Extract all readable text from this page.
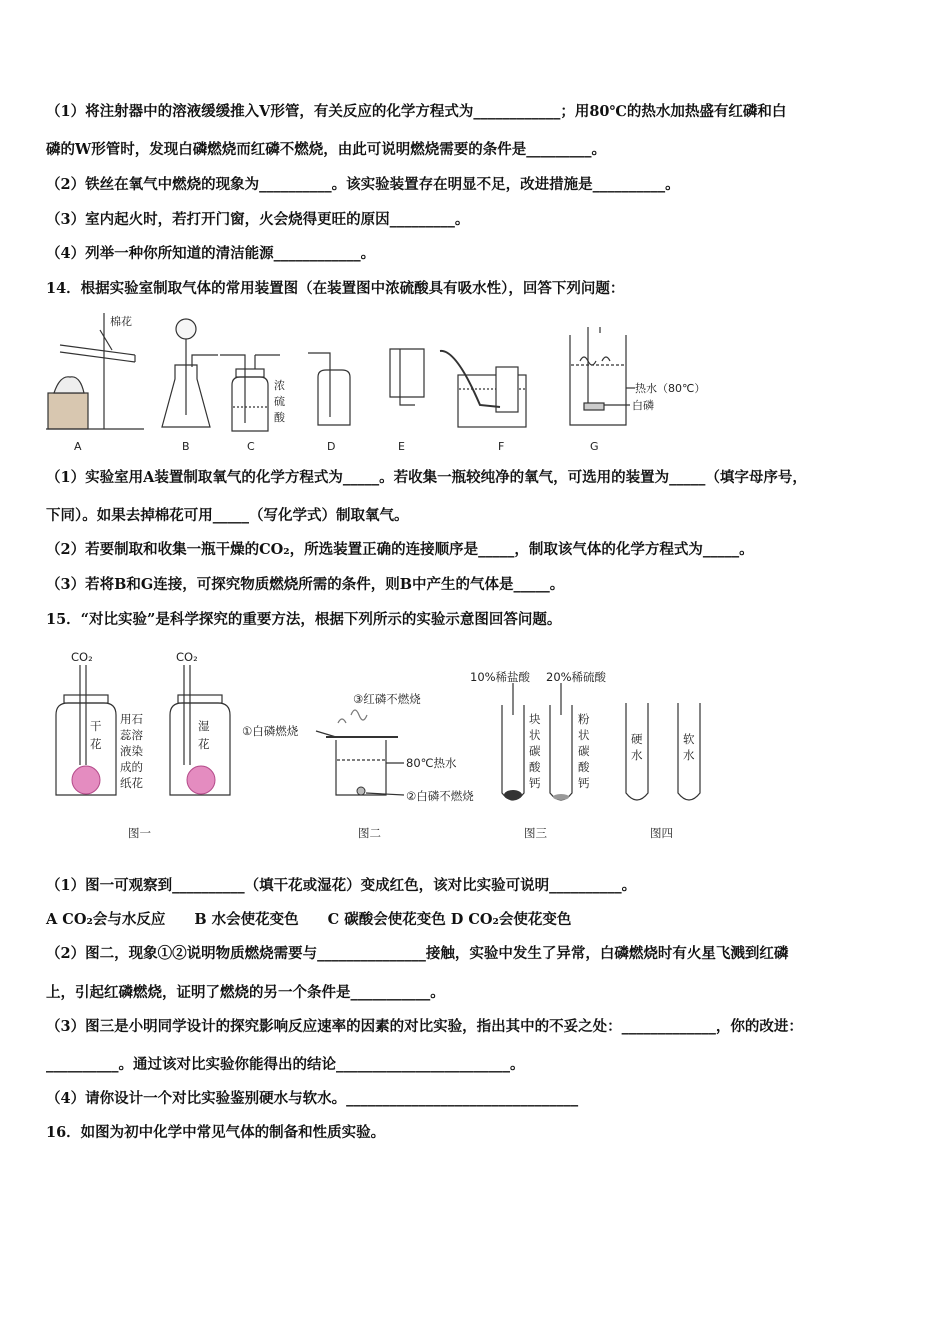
（1）将注射器中的溶液缓缓推入V形管，有关反应的化学方程式为____________；用80℃的热水加热盛有红磷和白
磷的W形管时，发现白磷燃烧而红磷不燃烧，由此可说明燃烧需要的条件是_________。
（2）铁丝在氧气中燃烧的现象为__________。该实验装置存在明显不足，改进措施是__________。
（3）室内起火时，若打开门窗，火会烧得更旺的原因_________。
（4）列举一种你所知道的清洁能源____________。
14．根据实验室制取气体的常用装置图（在装置图中浓硫酸具有吸水性），回答下列问题：
棉花
浓
硫
酸
热水（80℃）
白磷
A	B	C	D	E	F	G
（1）实验室用A装置制取氧气的化学方程式为_____。若收集一瓶较纯净的氧气，可选用的装置为_____（填字母序号，
下同）。如果去掉棉花可用_____（写化学式）制取氧气。
（2）若要制取和收集一瓶干燥的CO₂，所选装置正确的连接顺序是_____，制取该气体的化学方程式为_____。
（3）若将B和G连接，可探究物质燃烧所需的条件，则B中产生的气体是_____。
15．“对比实验”是科学探究的重要方法，根据下列所示的实验示意图回答问题。
CO₂	CO₂
干
花
湿
花
用石
蕊溶
液染
成的
纸花
①白磷燃烧
③红磷不燃烧
80℃热水
②白磷不燃烧
10%稀盐酸 20%稀硫酸
块
状
碳
酸
钙
粉
状
碳
酸
钙
硬
水
软
水
图一	图二	图三	图四
（1）图一可观察到__________（填干花或湿花）变成红色，该对比实验可说明__________。
A CO₂会与水反应　　B 水会使花变色　　C 碳酸会使花变色 D CO₂会使花变色
（2）图二，现象①②说明物质燃烧需要与_______________接触，实验中发生了异常，白磷燃烧时有火星飞溅到红磷
上，引起红磷燃烧，证明了燃烧的另一个条件是___________。
（3）图三是小明同学设计的探究影响反应速率的因素的对比实验，指出其中的不妥之处：_____________，你的改进：
__________。通过该对比实验你能得出的结论________________________。
（4）请你设计一个对比实验鉴别硬水与软水。________________________________
16．如图为初中化学中常见气体的制备和性质实验。
